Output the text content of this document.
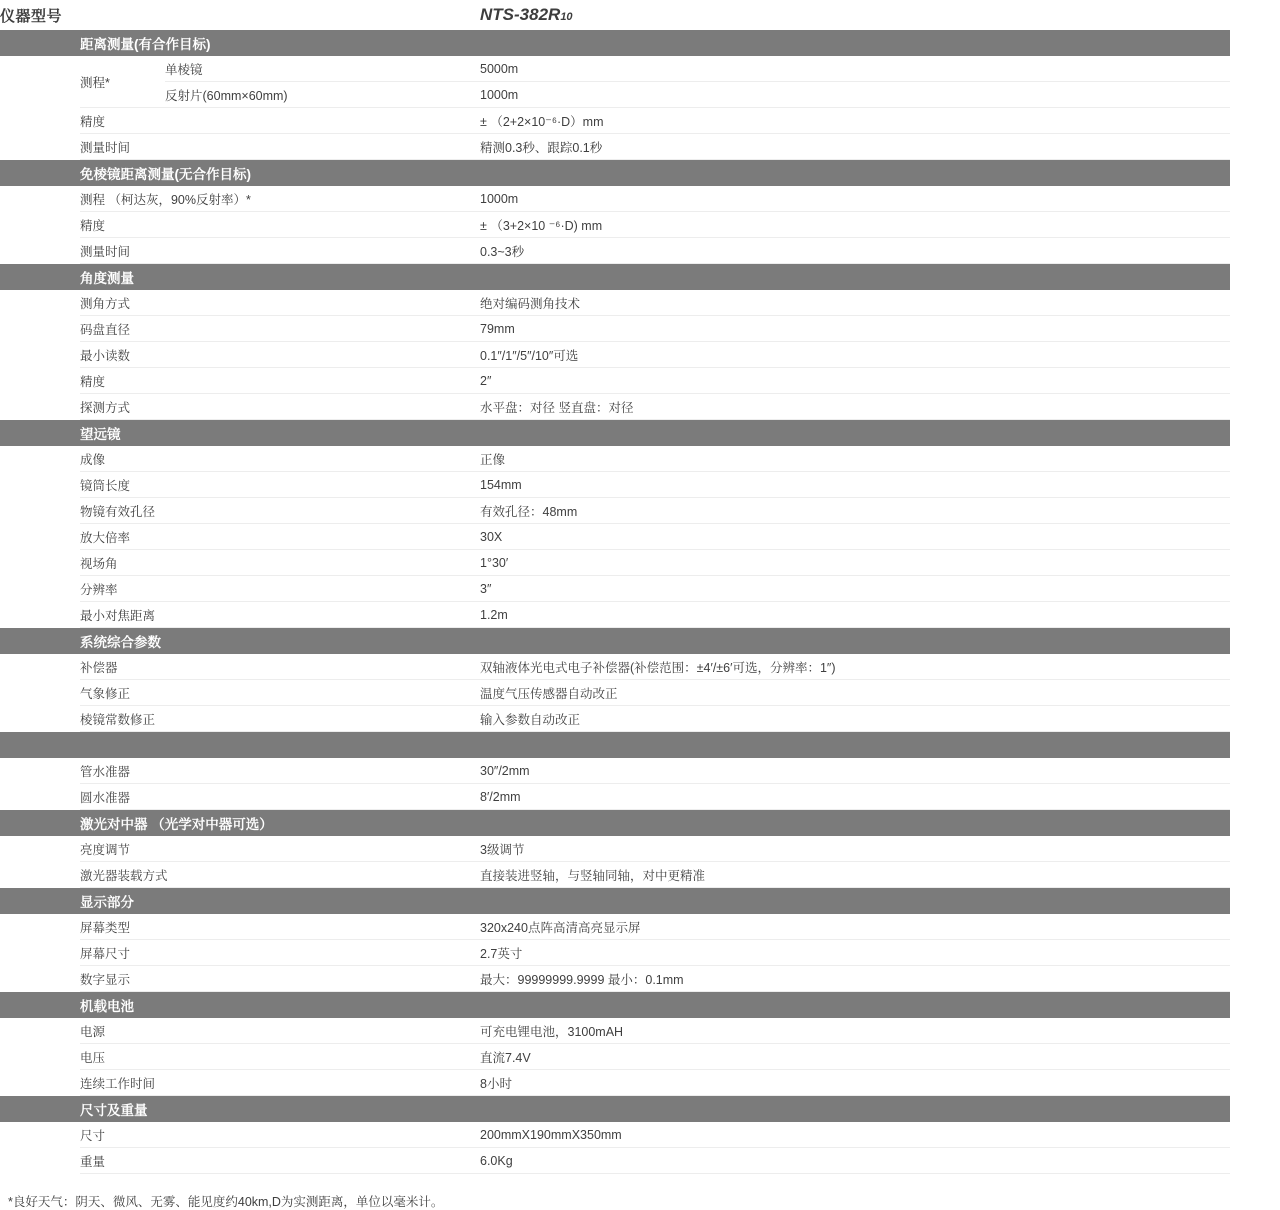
仪器型号			NTS-382R10
	距离测量(有合作目标)		
	测程*	单棱镜	5000m
		反射片(60mm×60mm)	1000m
	精度		± （2+2×10⁻⁶·D）mm
	测量时间		精测0.3秒、跟踪0.1秒
	免棱镜距离测量(无合作目标)		
	测程 （柯达灰，90%反射率）*		1000m
	精度		± （3+2×10 ⁻⁶·D) mm
	测量时间		0.3~3秒
	角度测量		
	测角方式		绝对编码测角技术
	码盘直径		79mm
	最小读数		0.1″/1″/5″/10″可选
	精度		2″
	探测方式		水平盘：对径 竖直盘：对径
	望远镜		
	成像		正像
	镜筒长度		154mm
	物镜有效孔径		有效孔径：48mm
	放大倍率		30X
	视场角		1°30′
	分辨率		3″
	最小对焦距离		1.2m
	系统综合参数		
	补偿器		双轴液体光电式电子补偿器(补偿范围：±4′/±6′可选，分辨率：1″)
	气象修正		温度气压传感器自动改正
	棱镜常数修正		输入参数自动改正

	管水准器		30″/2mm
	圆水准器		8′/2mm
	激光对中器 （光学对中器可选）		
	亮度调节		3级调节
	激光器装载方式		直接装进竖轴，与竖轴同轴，对中更精准
	显示部分		
	屏幕类型		320x240点阵高清高亮显示屏
	屏幕尺寸		2.7英寸
	数字显示		最大：99999999.9999 最小：0.1mm
	机载电池		
	电源		可充电锂电池，3100mAH
	电压		直流7.4V
	连续工作时间		8小时
	尺寸及重量		
	尺寸		200mmX190mmX350mm
	重量		6.0Kg
*良好天气：阴天、微风、无雾、能见度约40km,D为实测距离，单位以毫米计。
